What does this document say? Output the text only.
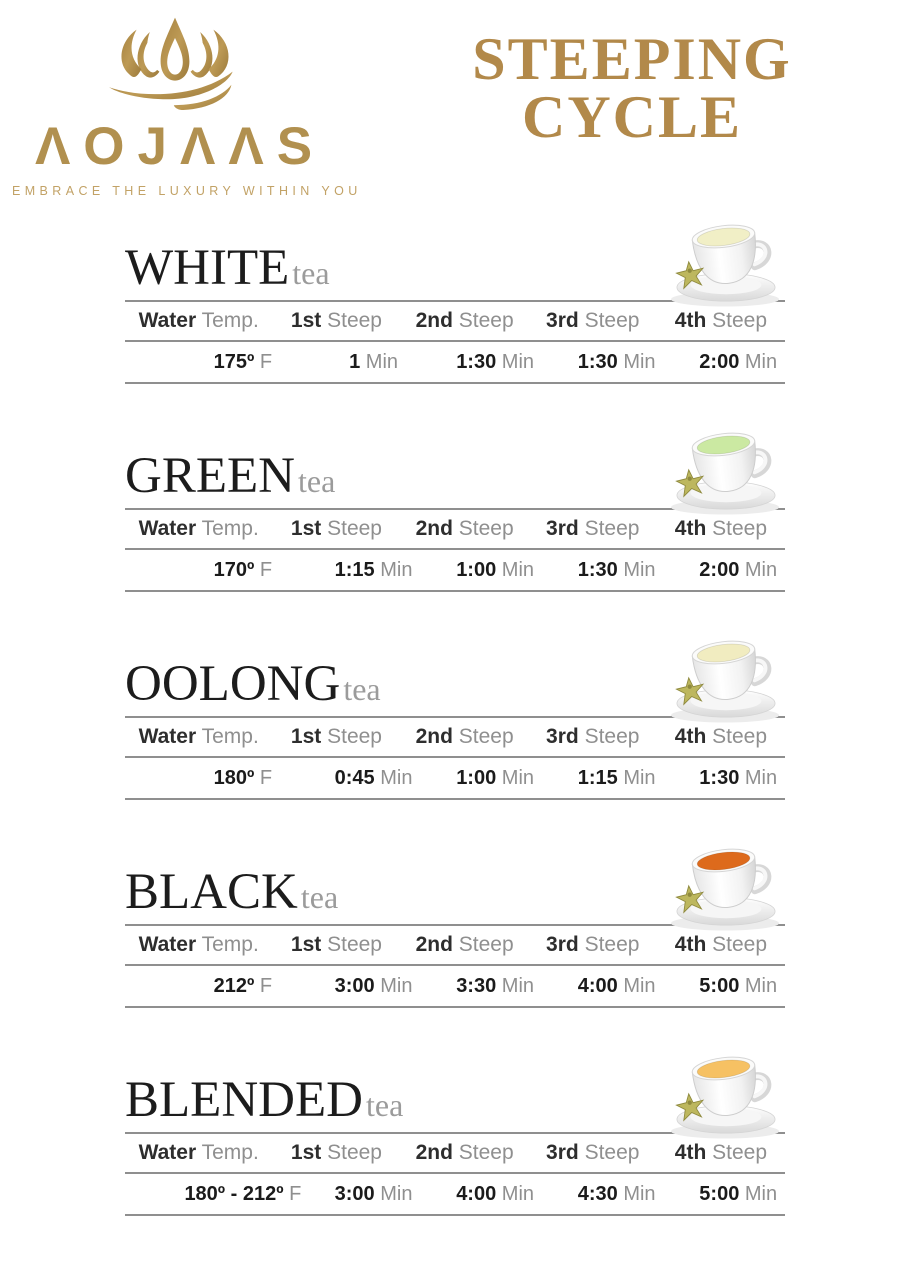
ΛOJΛΛS
EMBRACE THE LUXURY WITHIN YOU
STEEPING
CYCLE
WHITEtea
Water Temp.	1st Steep	2nd Steep	3rd Steep	4th Steep
175º F	1 Min	1:30 Min	1:30 Min	2:00 Min
GREENtea
Water Temp.	1st Steep	2nd Steep	3rd Steep	4th Steep
170º F	1:15 Min	1:00 Min	1:30 Min	2:00 Min
OOLONGtea
Water Temp.	1st Steep	2nd Steep	3rd Steep	4th Steep
180º F	0:45 Min	1:00 Min	1:15 Min	1:30 Min
BLACKtea
Water Temp.	1st Steep	2nd Steep	3rd Steep	4th Steep
212º F	3:00 Min	3:30 Min	4:00 Min	5:00 Min
BLENDEDtea
Water Temp.	1st Steep	2nd Steep	3rd Steep	4th Steep
180º - 212º F	3:00 Min	4:00 Min	4:30 Min	5:00 Min
